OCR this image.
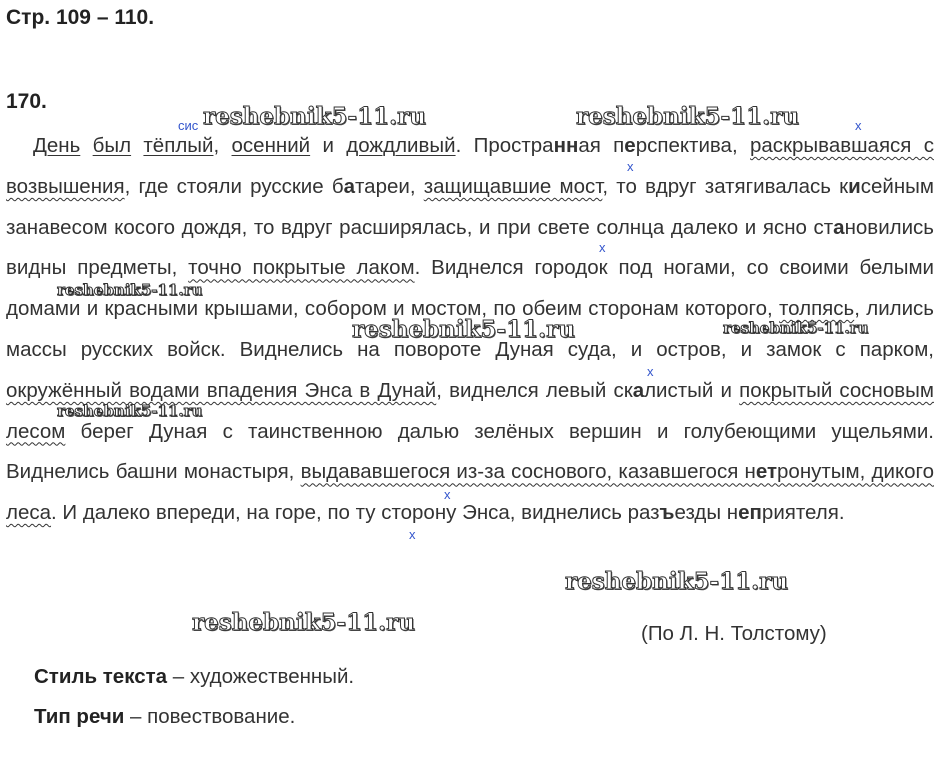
Стр. 109 – 110.
170.
День был тёплый, осенний и дождливый. Пространная перспектива, раскрывавшаяся с возвышения, где стояли русские батареи, защищавшие мост, то вдруг затягивалась кисейным занавесом косого дождя, то вдруг расширялась, и при свете солнца далеко и ясно становились видны предметы, точно покрытые лаком. Виднелся городок под ногами, со своими белыми домами и красными крышами, собором и мостом, по обеим сторонам которого, толпясь, лились массы русских войск. Виднелись на повороте Дуная суда, и остров, и замок с парком, окружённый водами впадения Энса в Дунай, виднелся левый скалистый и покрытый сосновым лесом берег Дуная с таинственною далью зелёных вершин и голубеющими ущельями. Виднелись башни монастыря, выдававшегося из-за соснового, казавшегося нетронутым, дикого леса. И далеко впереди, на горе, по ту сторону Энса, виднелись разъезды неприятеля.
сис	x
x
x
x
x
x
(По Л. Н. Толстому)
Стиль текста – художественный.
Тип речи – повествование.
reshebnik5-11.ru	reshebnik5-11.ru
reshebnik5-11.ru
reshebnik5-11.ru	reshebnik5-11.ru
reshebnik5-11.ru
reshebnik5-11.ru
reshebnik5-11.ru
